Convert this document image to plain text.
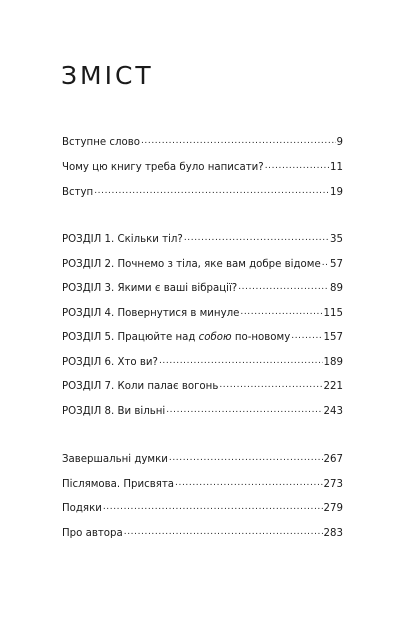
ЗМІСТ
Вступне слово .....	9
Чому цю книгу треба було написати? .....	11
Вступ .....	19
РОЗДІЛ 1. Скільки тіл? .....	35
РОЗДІЛ 2. Почнемо з тіла, яке вам добре відоме ..... 57
РОЗДІЛ 3. Якими є ваші вібрації? .....	89
РОЗДІЛ 4. Повернутися в минуле .....	115
РОЗДІЛ 5. Працюйте над собою по-новому .....	157
РОЗДІЛ 6. Хто ви? .....	189
РОЗДІЛ 7. Коли палає вогонь .....	221
РОЗДІЛ 8. Ви вільні .....	243
Завершальні думки .....	267
Післямова. Присвята .....	273
Подяки .....	279
Про автора .....	283
